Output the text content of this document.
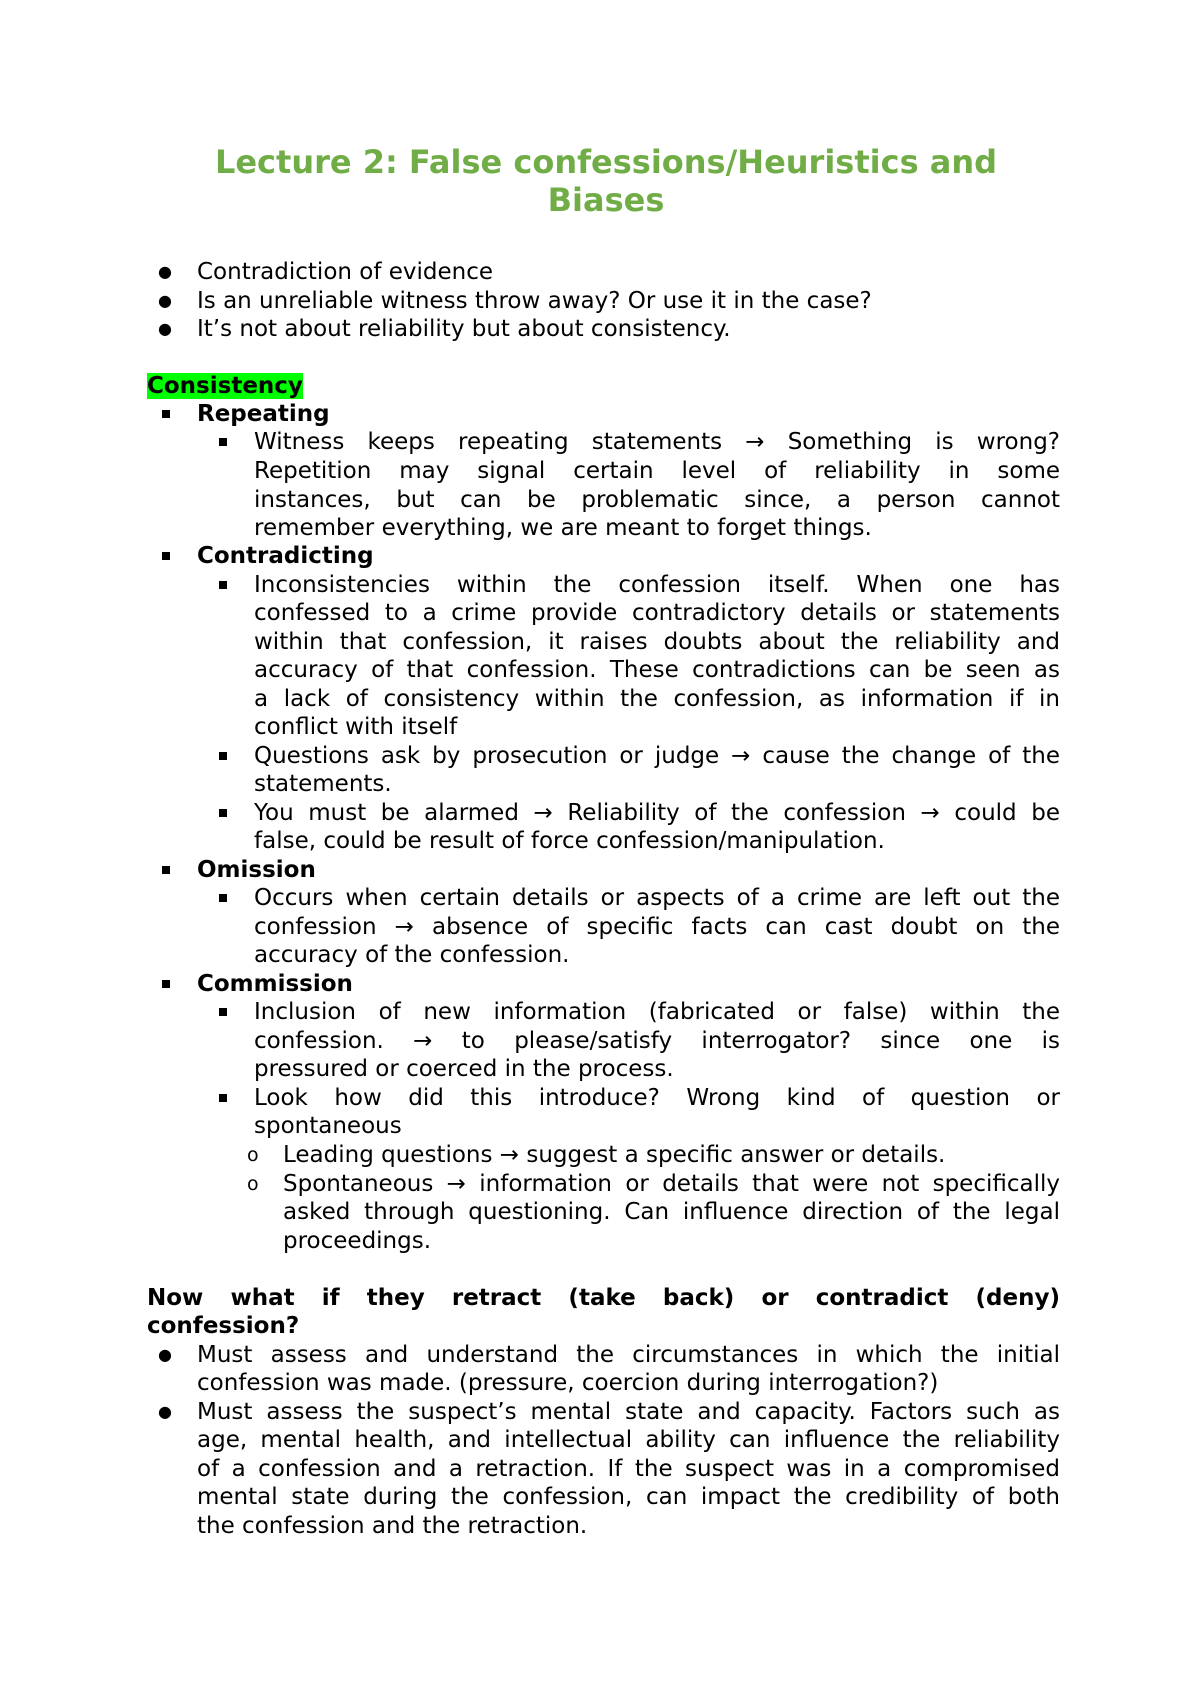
Lecture 2: False confessions/Heuristics and
Biases
● Contradiction of evidence

● Is an unreliable witness throw away? Or use it in the case?

● It’s not about reliability but about consistency.

Consistency

Repeating

Witness keeps repeating statements → Something is wrong?

Repetition may signal certain level of reliability in some

instances, but can be problematic since, a person cannot

remember everything, we are meant to forget things.

Contradicting

Inconsistencies within the confession itself. When one has

confessed to a crime provide contradictory details or statements

within that confession, it raises doubts about the reliability and

accuracy of that confession. These contradictions can be seen as

a lack of consistency within the confession, as information if in

conflict with itself

Questions ask by prosecution or judge → cause the change of the

statements.

You must be alarmed → Reliability of the confession → could be

false, could be result of force confession/manipulation.

Omission

Occurs when certain details or aspects of a crime are left out the

confession → absence of specific facts can cast doubt on the

accuracy of the confession.

Commission

Inclusion of new information (fabricated or false) within the

confession. → to please/satisfy interrogator? since one is

pressured or coerced in the process.

Look how did this introduce? Wrong kind of question or

spontaneous

o Leading questions → suggest a specific answer or details.

o Spontaneous → information or details that were not specifically

asked through questioning. Can influence direction of the legal

proceedings.

Now what if they retract (take back) or contradict (deny)

confession?

● Must assess and understand the circumstances in which the initial

confession was made. (pressure, coercion during interrogation?)

● Must assess the suspect’s mental state and capacity. Factors such as

age, mental health, and intellectual ability can influence the reliability

of a confession and a retraction. If the suspect was in a compromised

mental state during the confession, can impact the credibility of both

the confession and the retraction.
